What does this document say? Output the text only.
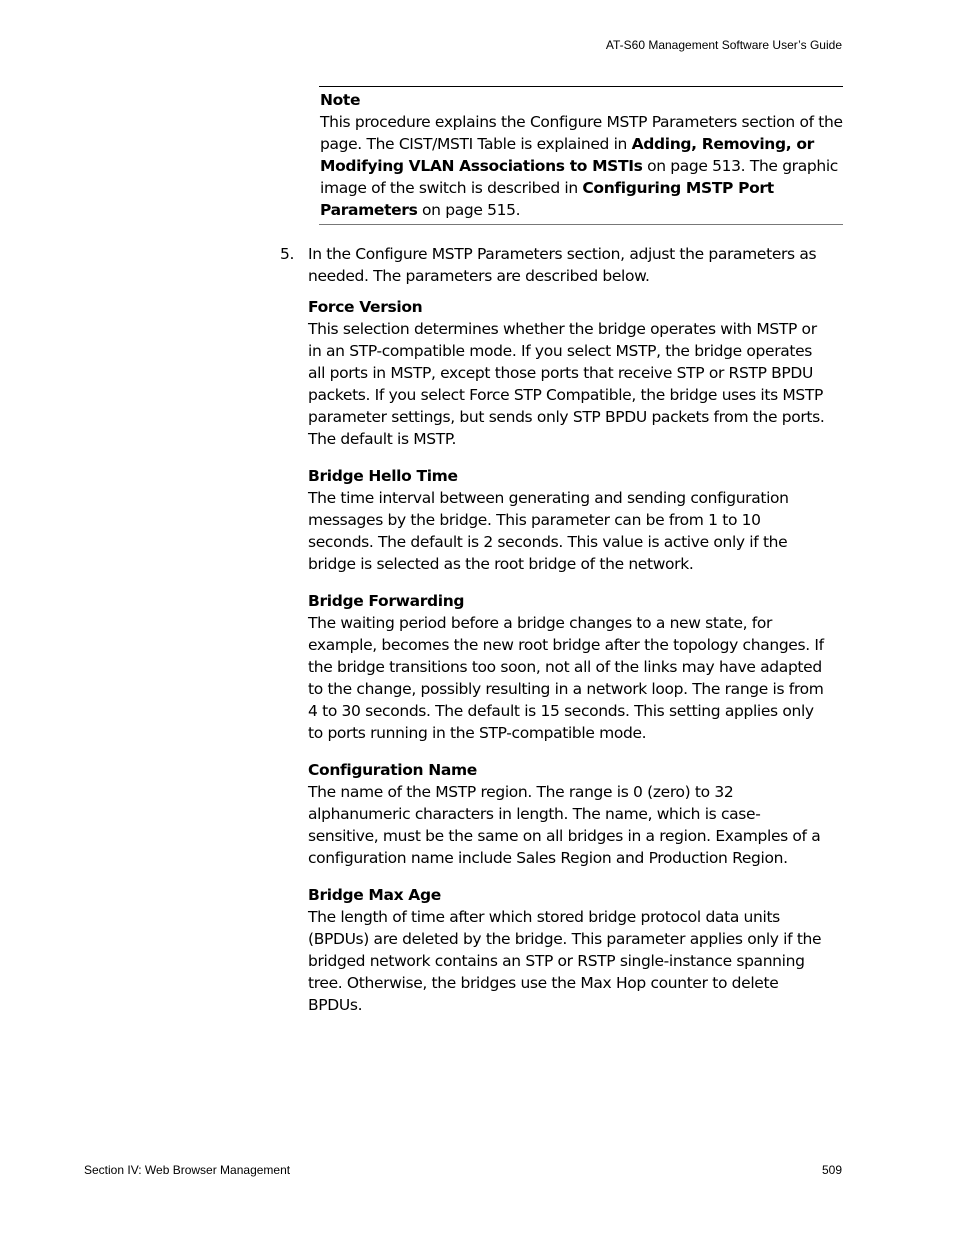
AT-S60 Management Software User’s Guide
Note
This procedure explains the Configure MSTP Parameters section of the page. The CIST/MSTI Table is explained in Adding, Removing, or Modifying VLAN Associations to MSTIs on page 513. The graphic image of the switch is described in Configuring MSTP Port Parameters on page 515.
5. In the Configure MSTP Parameters section, adjust the parameters as needed. The parameters are described below.
Force Version
This selection determines whether the bridge operates with MSTP or in an STP-compatible mode. If you select MSTP, the bridge operates all ports in MSTP, except those ports that receive STP or RSTP BPDU packets. If you select Force STP Compatible, the bridge uses its MSTP parameter settings, but sends only STP BPDU packets from the ports. The default is MSTP.
Bridge Hello Time
The time interval between generating and sending configuration messages by the bridge. This parameter can be from 1 to 10 seconds. The default is 2 seconds. This value is active only if the bridge is selected as the root bridge of the network.
Bridge Forwarding
The waiting period before a bridge changes to a new state, for example, becomes the new root bridge after the topology changes. If the bridge transitions too soon, not all of the links may have adapted to the change, possibly resulting in a network loop. The range is from 4 to 30 seconds. The default is 15 seconds. This setting applies only to ports running in the STP-compatible mode.
Configuration Name
The name of the MSTP region. The range is 0 (zero) to 32 alphanumeric characters in length. The name, which is case-sensitive, must be the same on all bridges in a region. Examples of a configuration name include Sales Region and Production Region.
Bridge Max Age
The length of time after which stored bridge protocol data units (BPDUs) are deleted by the bridge. This parameter applies only if the bridged network contains an STP or RSTP single-instance spanning tree. Otherwise, the bridges use the Max Hop counter to delete BPDUs.
Section IV: Web Browser Management	509
